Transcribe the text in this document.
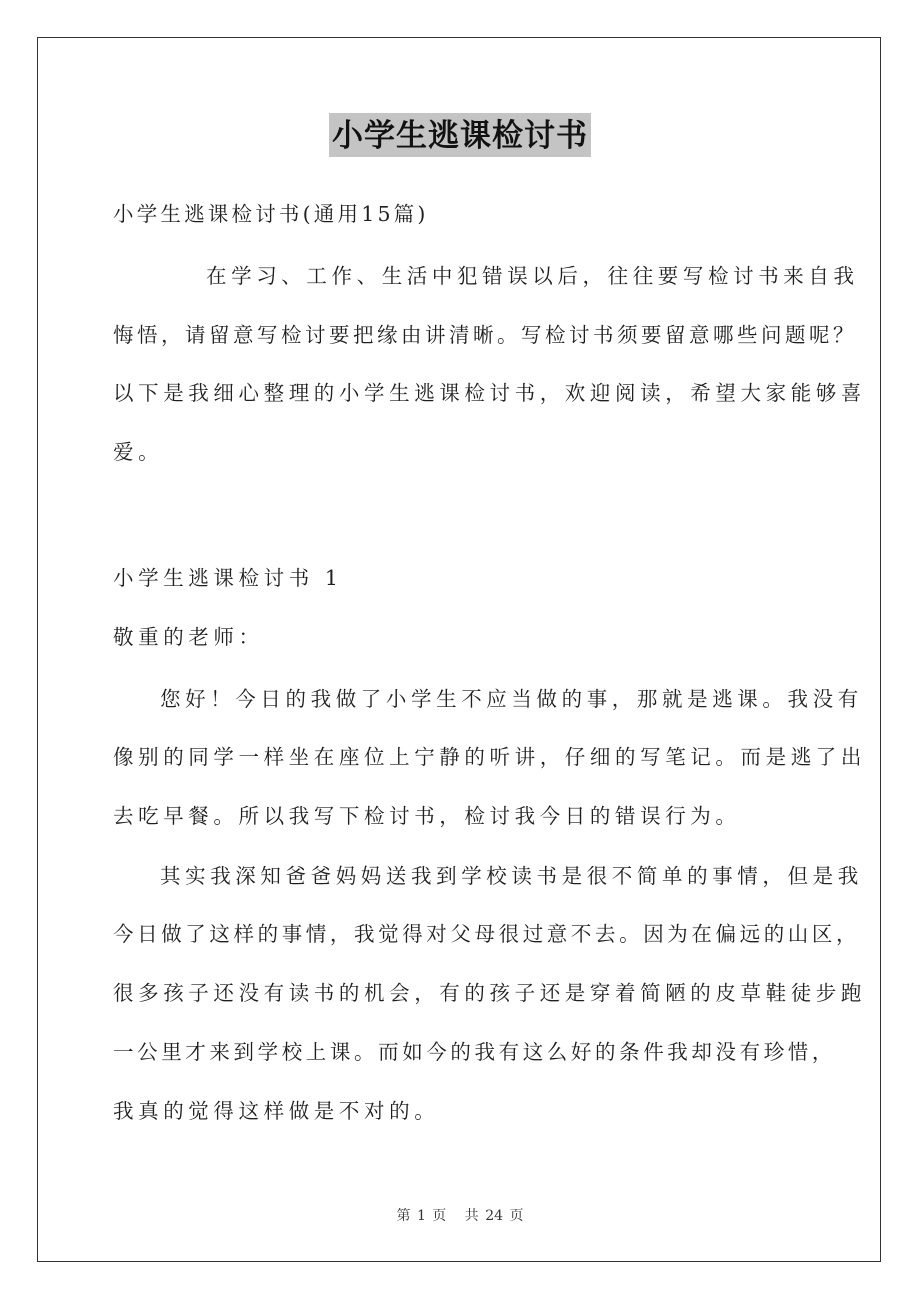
小学生逃课检讨书
小学生逃课检讨书(通用15篇)
在学习、工作、生活中犯错误以后，往往要写检讨书来自我
悔悟，请留意写检讨要把缘由讲清晰。写检讨书须要留意哪些问题呢？
以下是我细心整理的小学生逃课检讨书，欢迎阅读，希望大家能够喜
爱。
小学生逃课检讨书 1
敬重的老师：
您好！今日的我做了小学生不应当做的事，那就是逃课。我没有
像别的同学一样坐在座位上宁静的听讲，仔细的写笔记。而是逃了出
去吃早餐。所以我写下检讨书，检讨我今日的错误行为。
其实我深知爸爸妈妈送我到学校读书是很不简单的事情，但是我
今日做了这样的事情，我觉得对父母很过意不去。因为在偏远的山区，
很多孩子还没有读书的机会，有的孩子还是穿着简陋的皮草鞋徒步跑
一公里才来到学校上课。而如今的我有这么好的条件我却没有珍惜，
我真的觉得这样做是不对的。
第 1 页 共 24 页
